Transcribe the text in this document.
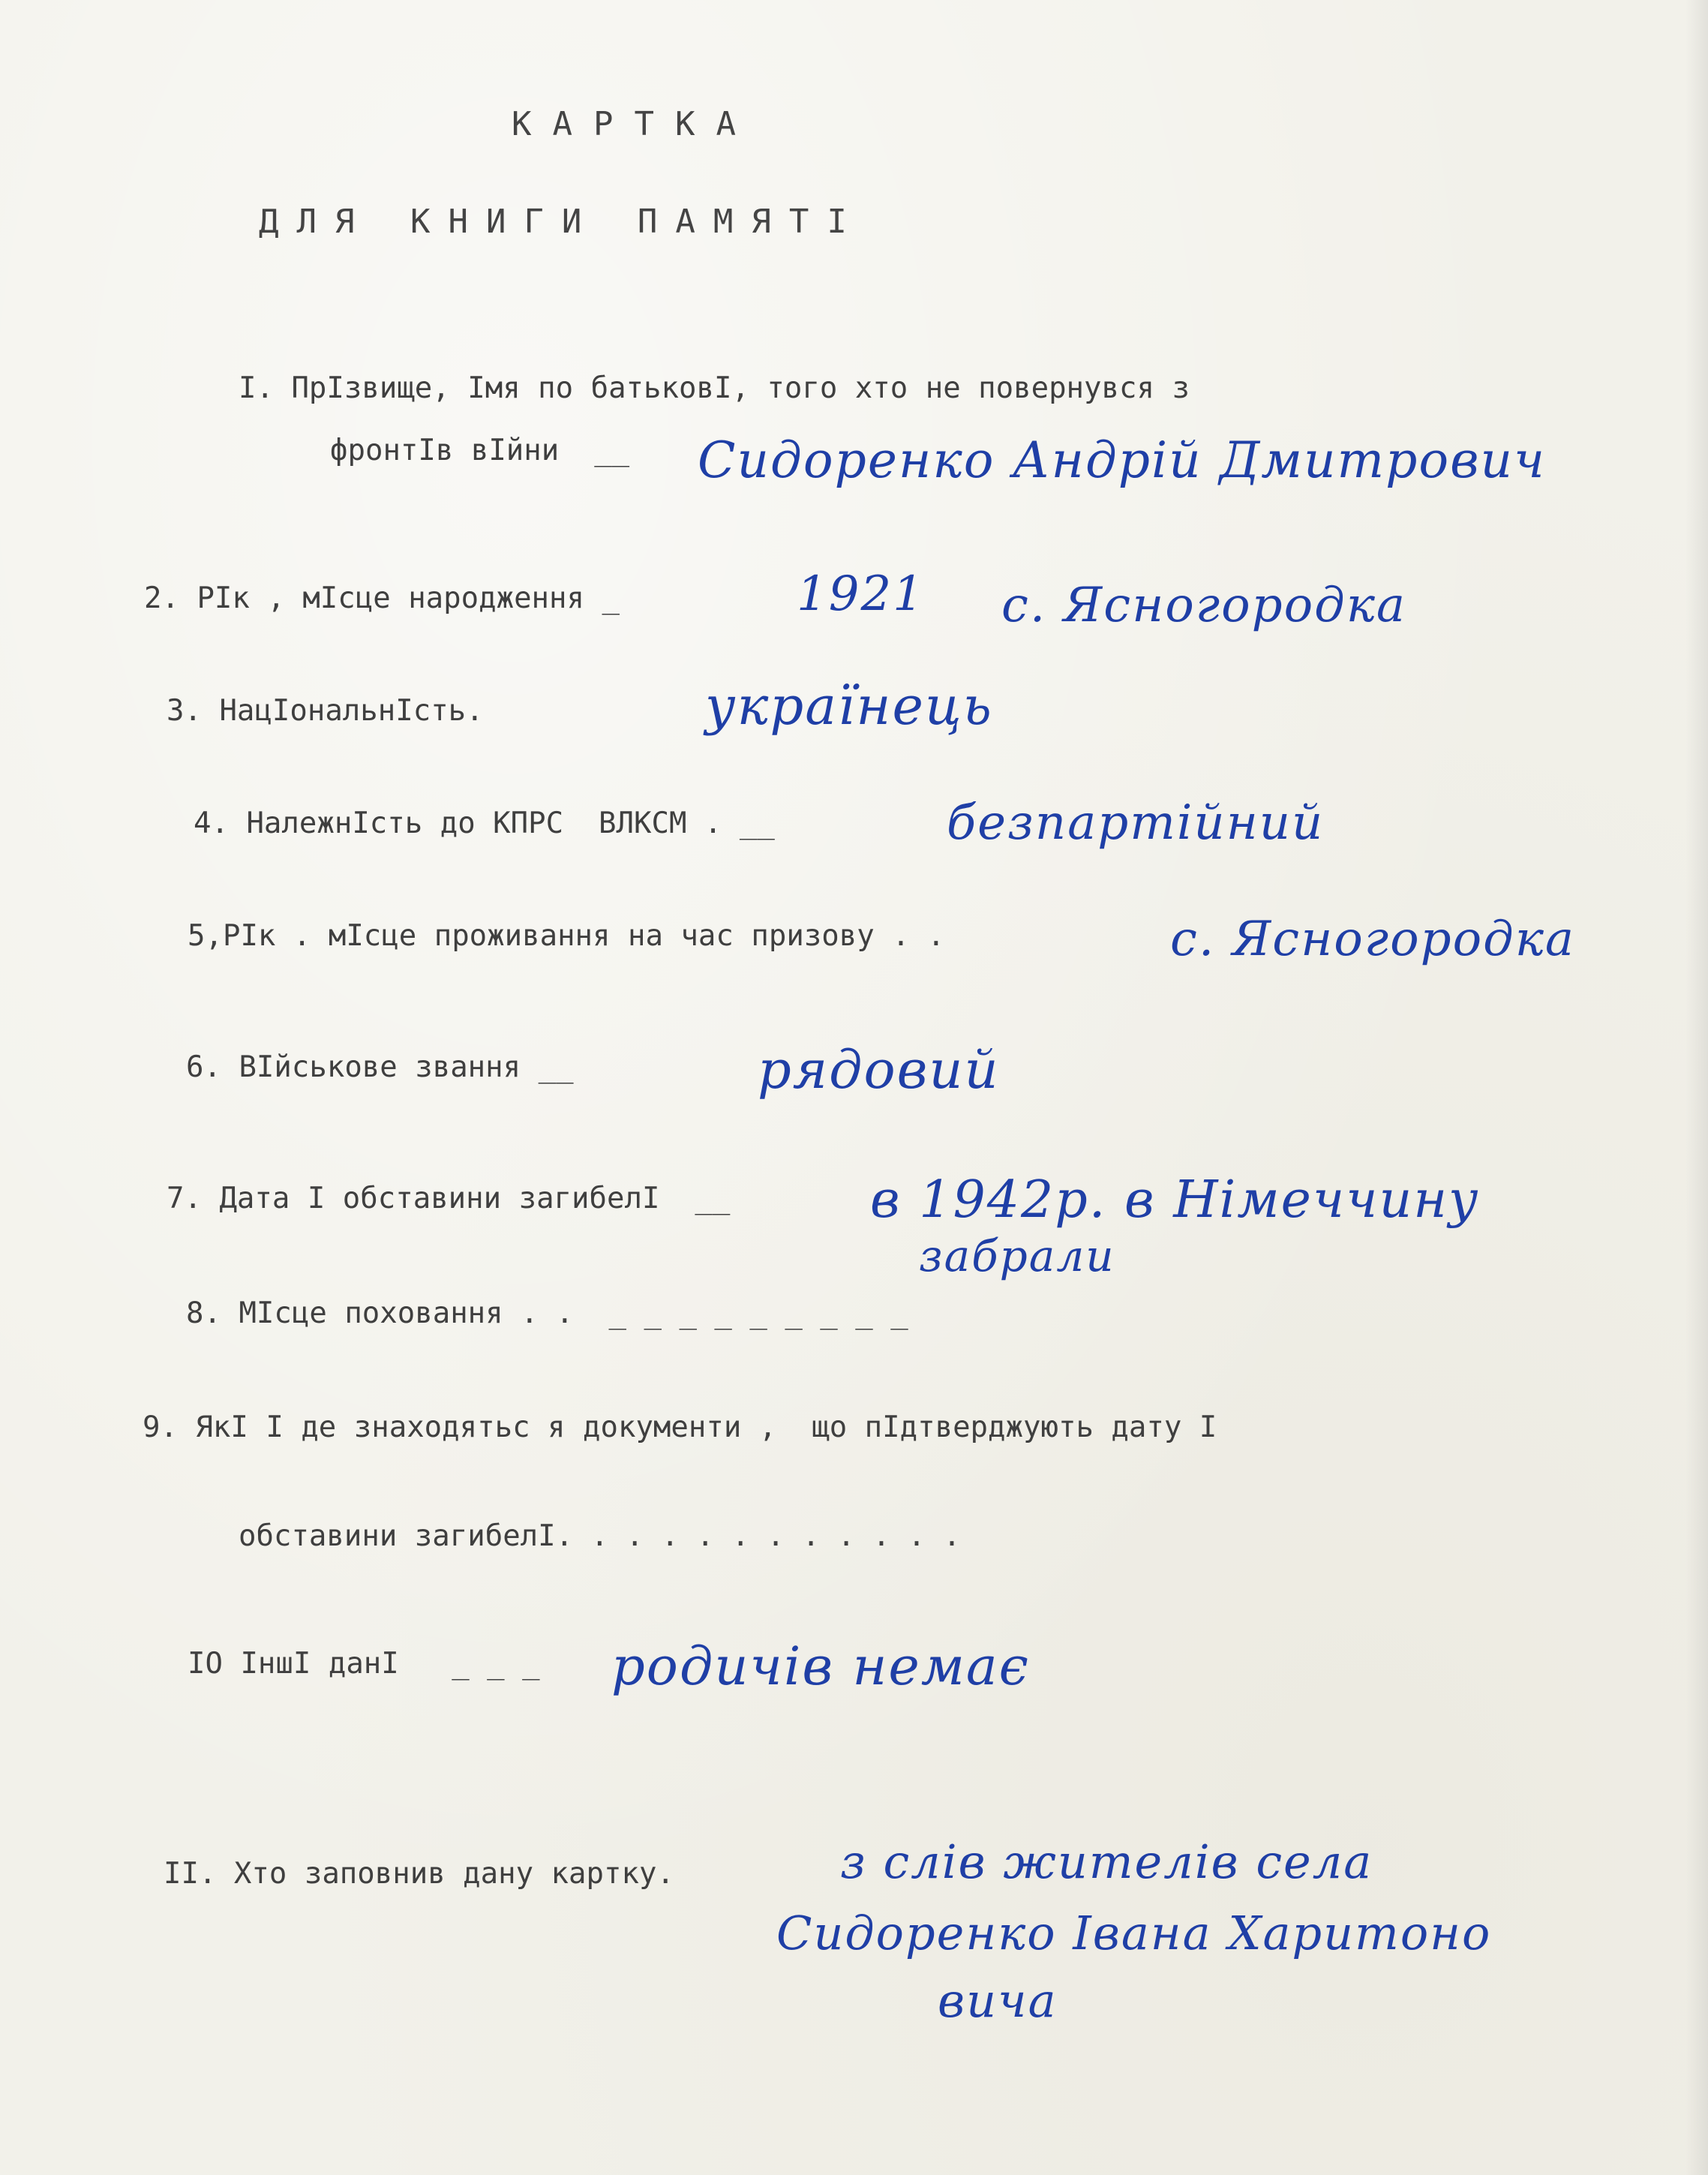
КАРТКА
ДЛЯ КНИГИ ПАМЯТІ
I. ПрIзвище, Iмя по батьковI, того хто не повернувся з
фронтIв вIйни  __ Сидоренко Андрій Дмитрович
2. РIк , мIсце народження _	1921 с. Ясногородка
3. НацIональнIсть.	українець
4. НалежнIсть до КПРС  ВЛКСМ . __	безпартійний
5,РIк . мIсце проживання на час призову . .	с. Ясногородка
6. ВIйськове звання __	рядовий
7. Дата I обставини загибелI  __	в 1942р. в Німеччину
забрали
8. МIсце поховання . .  _ _ _ _ _ _ _ _ _
9. ЯкI I де знаходятьс я документи ,  що пIдтверджують дату I
обставини загибелI. . . . . . . . . . . .
IO IншI данI   _ _ _ родичів немає
II. Хто заповнив дану картку.	з слів жителів села
Сидоренко Івана Харитоно
вича
